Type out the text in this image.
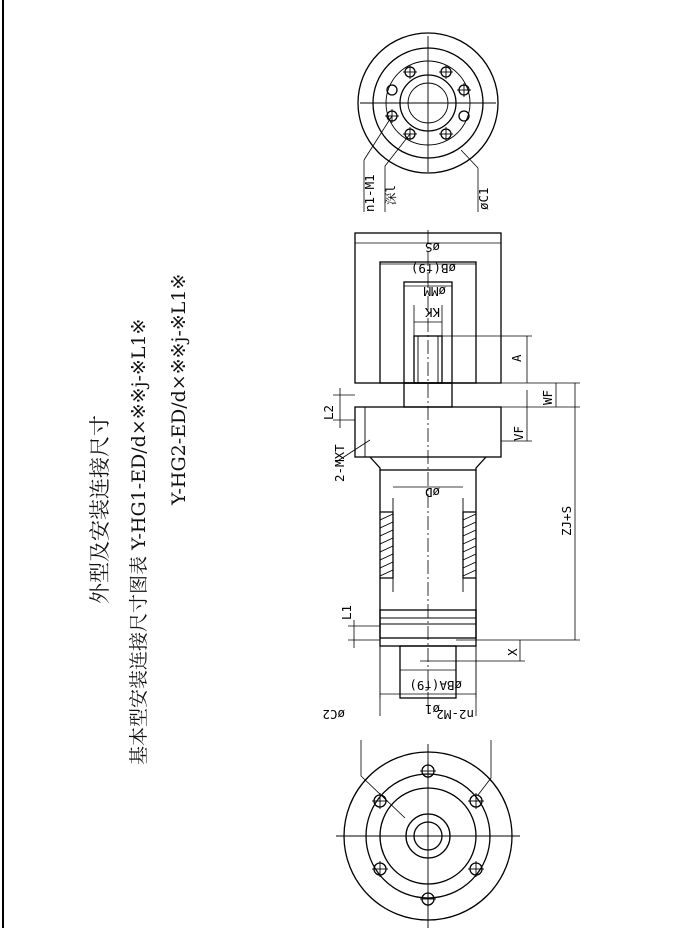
外型及安装连接尺寸 基本型安装连接尺寸图表 Y-HG1-ED/d×※※j-※L1※ Y-HG2-ED/d×※※j-※L1※
n1-M1 深l	øC1
øS
øB(f9)
øMM
KK
A
WF
VF
L2
2-MXT
øD
ZJ+S
L1
X
øBA(f9)
ø1
øC2	n2-M2
